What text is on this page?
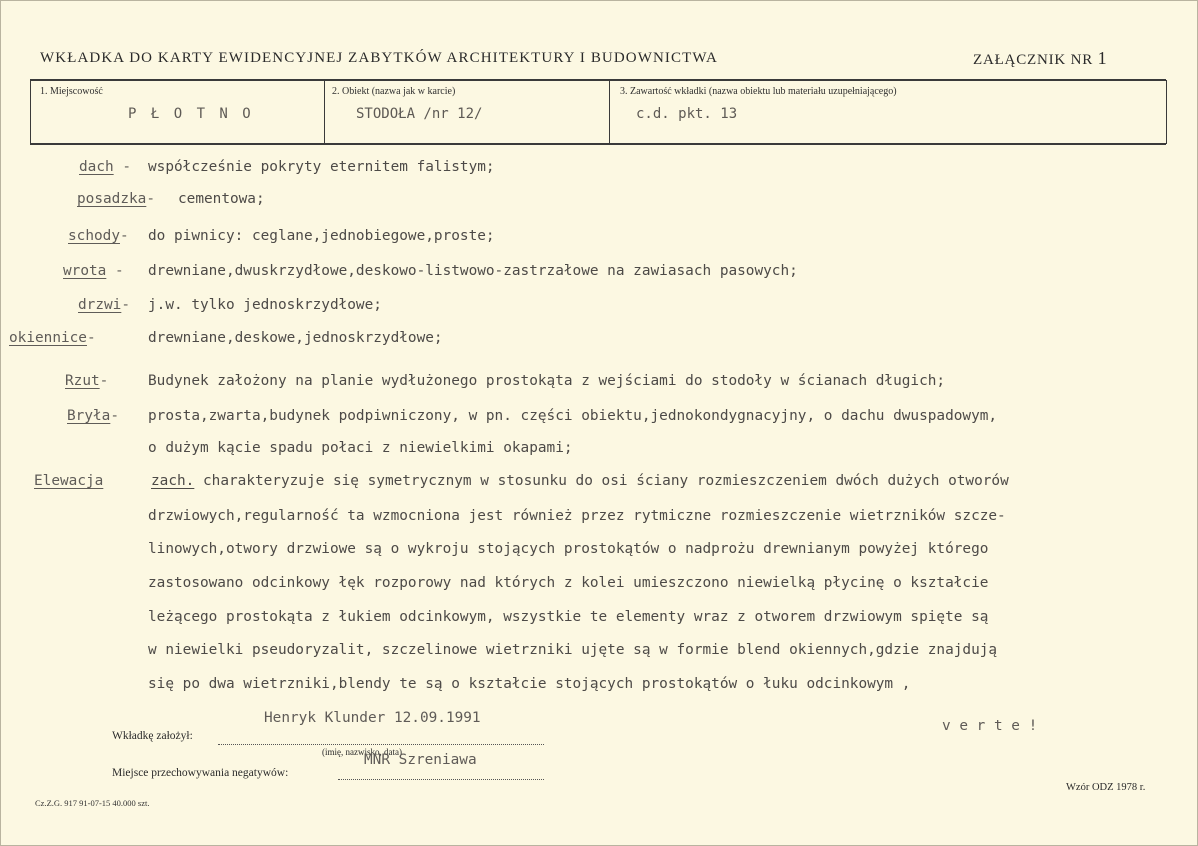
WKŁADKA DO KARTY EWIDENCYJNEJ ZABYTKÓW ARCHITEKTURY I BUDOWNICTWA	ZAŁĄCZNIK NR 1
1. Miejscowość
P Ł O T N O
2. Obiekt (nazwa jak w karcie)
STODOŁA /nr 12/
3. Zawartość wkładki (nazwa obiektu lub materiału uzupełniającego)
c.d. pkt. 13
dach -
posadzka-
schody-
wrota -
drzwi-
okiennice-
Rzut-
Bryła-
Elewacja
współcześnie pokryty eternitem falistym;
cementowa;
do piwnicy: ceglane,jednobiegowe,proste;
drewniane,dwuskrzydłowe,deskowo-listwowo-zastrzałowe na zawiasach pasowych;
j.w. tylko jednoskrzydłowe;
drewniane,deskowe,jednoskrzydłowe;
Budynek założony na planie wydłużonego prostokąta z wejściami do stodoły w ścianach długich;
prosta,zwarta,budynek podpiwniczony, w pn. części obiektu,jednokondygnacyjny, o dachu dwuspadowym,
o dużym kącie spadu połaci z niewielkimi okapami;
zach. charakteryzuje się symetrycznym w stosunku do osi ściany rozmieszczeniem dwóch dużych otworów
drzwiowych,regularność ta wzmocniona jest również przez rytmiczne rozmieszczenie wietrzników szcze-
linowych,otwory drzwiowe są o wykroju stojących prostokątów o nadprożu drewnianym powyżej którego
zastosowano odcinkowy łęk rozporowy nad których z kolei umieszczono niewielką płycinę o kształcie
leżącego prostokąta z łukiem odcinkowym, wszystkie te elementy wraz z otworem drzwiowym spięte są
w niewielki pseudoryzalit, szczelinowe wietrzniki ujęte są w formie blend okiennych,gdzie znajdują
się po dwa wietrzniki,blendy te są o kształcie stojących prostokątów o łuku odcinkowym ,
Wkładkę założył:
Henryk Klunder 12.09.1991
(imię, nazwisko, data)
Miejsce przechowywania negatywów:
MNR Szreniawa
v e r t e !
Wzór ODZ 1978 r.
Cz.Z.G. 917 91-07-15 40.000 szt.
